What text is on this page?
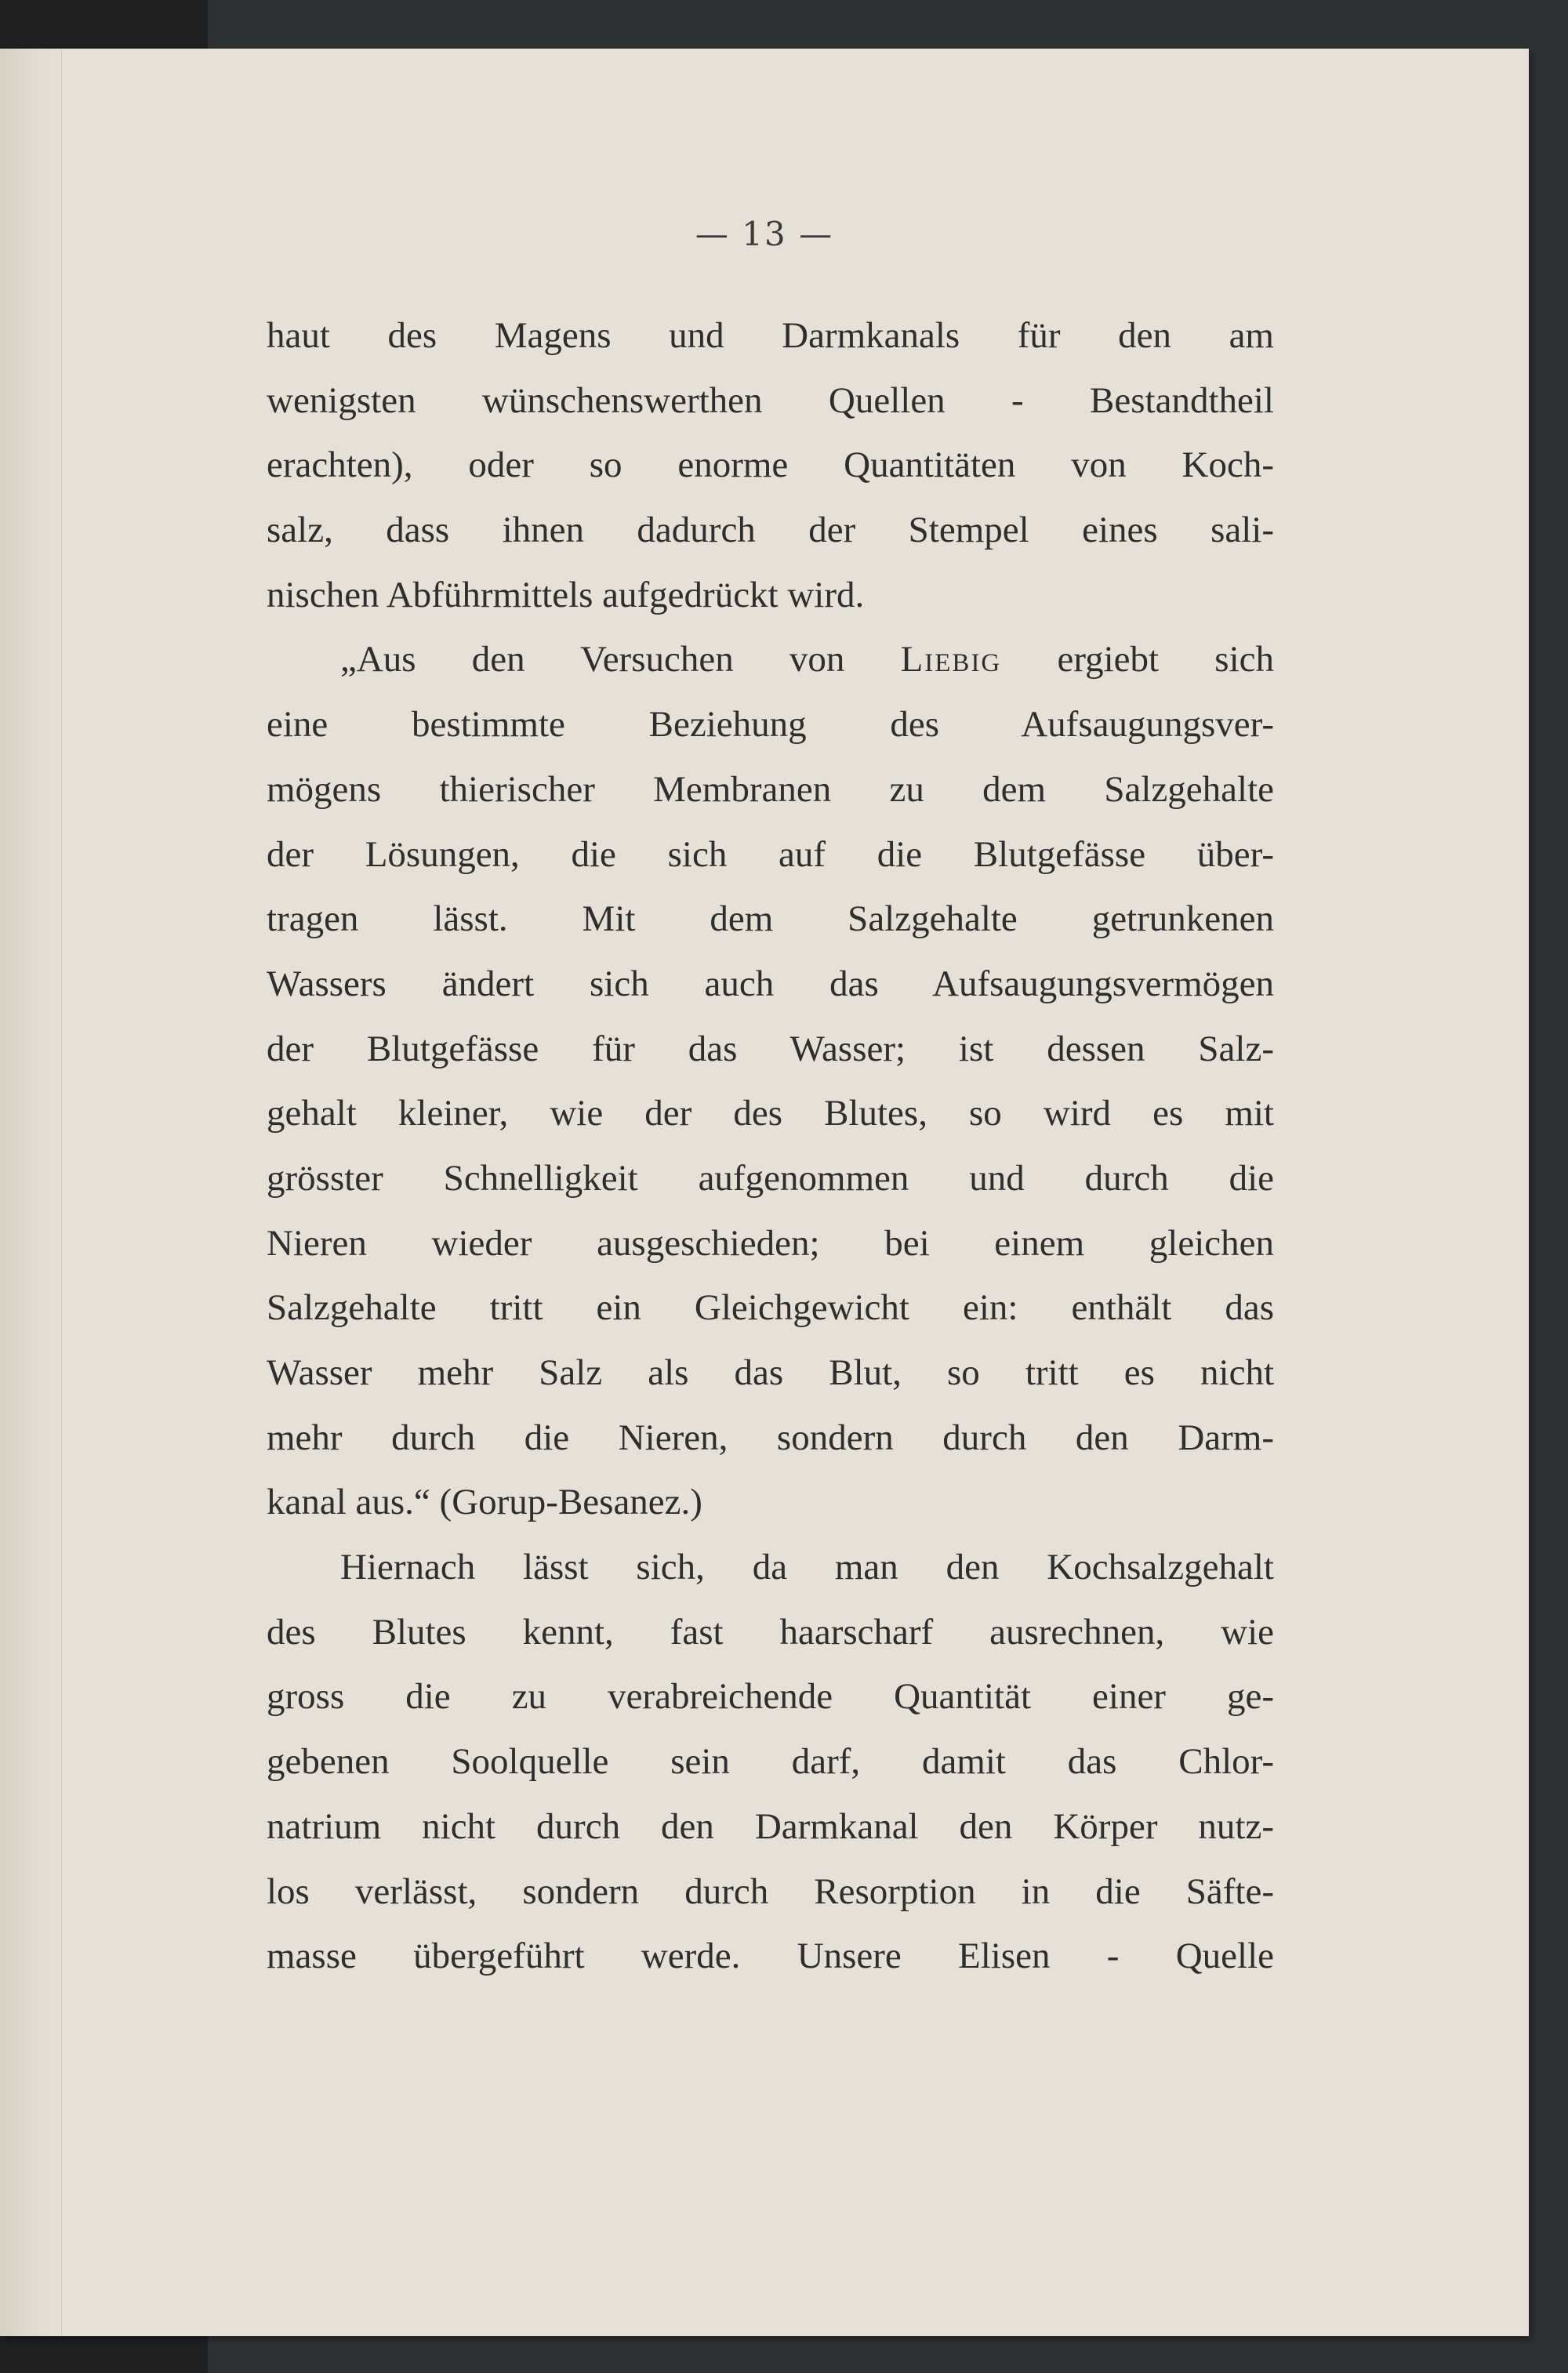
— 13 —
haut des Magens und Darmkanals für den am
wenigsten wünschenswerthen Quellen - Bestandtheil
erachten), oder so enorme Quantitäten von Koch-
salz, dass ihnen dadurch der Stempel eines sali-
nischen Abführmittels aufgedrückt wird.
„Aus den Versuchen von Liebig ergiebt sich
eine bestimmte Beziehung des Aufsaugungsver-
mögens thierischer Membranen zu dem Salzgehalte
der Lösungen, die sich auf die Blutgefässe über-
tragen lässt. Mit dem Salzgehalte getrunkenen
Wassers ändert sich auch das Aufsaugungsvermögen
der Blutgefässe für das Wasser; ist dessen Salz-
gehalt kleiner, wie der des Blutes, so wird es mit
grösster Schnelligkeit aufgenommen und durch die
Nieren wieder ausgeschieden; bei einem gleichen
Salzgehalte tritt ein Gleichgewicht ein: enthält das
Wasser mehr Salz als das Blut, so tritt es nicht
mehr durch die Nieren, sondern durch den Darm-
kanal aus.“ (Gorup-Besanez.)
Hiernach lässt sich, da man den Kochsalzgehalt
des Blutes kennt, fast haarscharf ausrechnen, wie
gross die zu verabreichende Quantität einer ge-
gebenen Soolquelle sein darf, damit das Chlor-
natrium nicht durch den Darmkanal den Körper nutz-
los verlässt, sondern durch Resorption in die Säfte-
masse übergeführt werde. Unsere Elisen - Quelle
